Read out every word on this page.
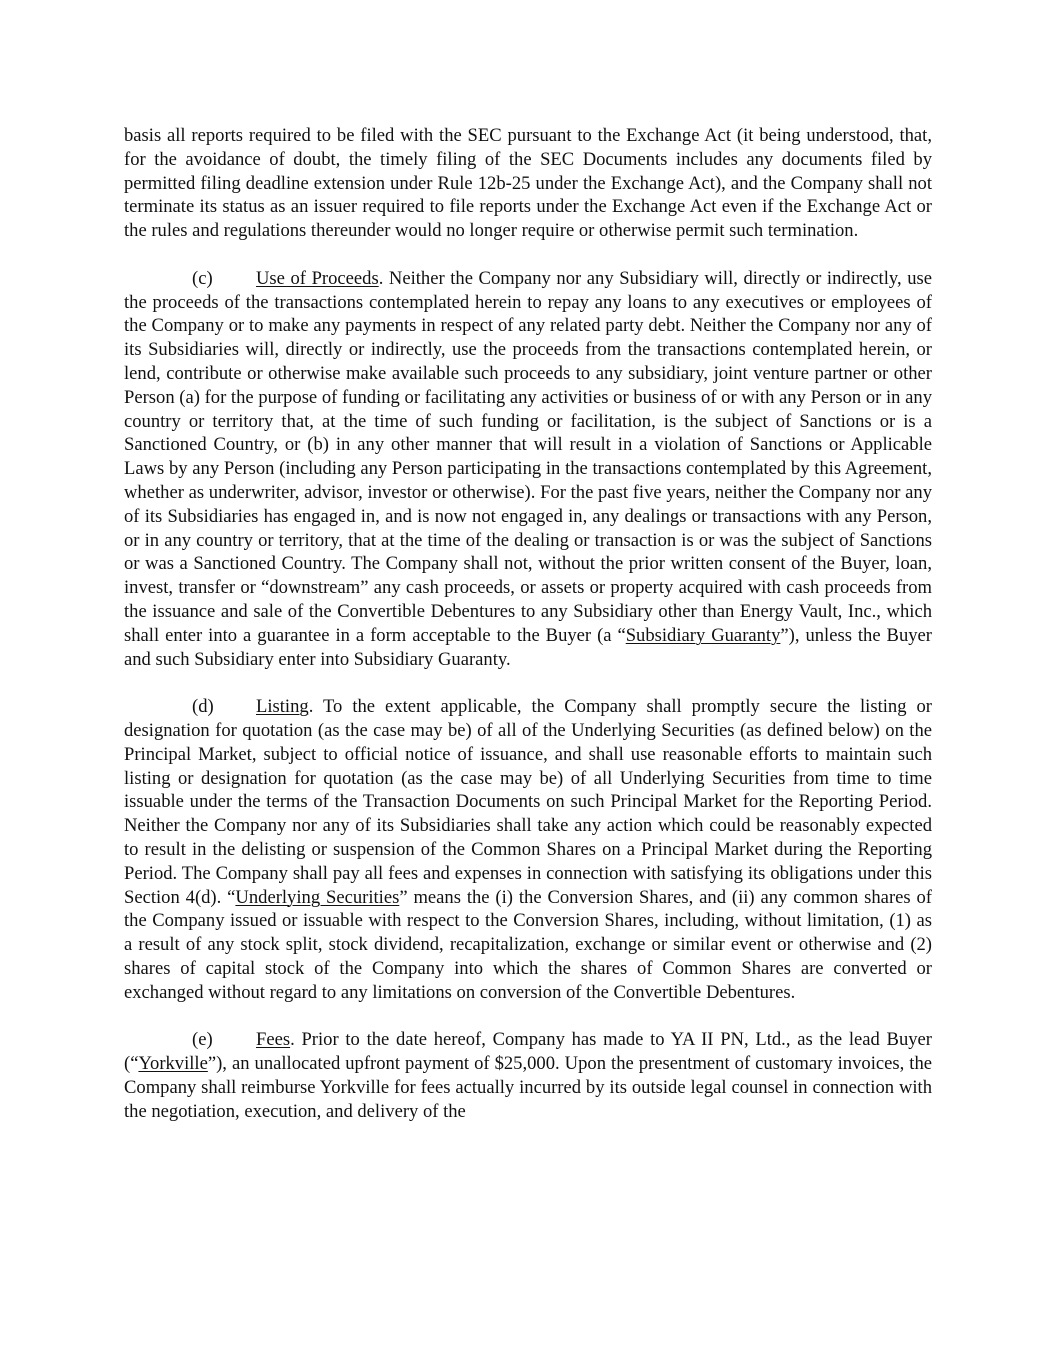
basis all reports required to be filed with the SEC pursuant to the Exchange Act (it being understood, that, for the avoidance of doubt, the timely filing of the SEC Documents includes any documents filed by permitted filing deadline extension under Rule 12b-25 under the Exchange Act), and the Company shall not terminate its status as an issuer required to file reports under the Exchange Act even if the Exchange Act or the rules and regulations thereunder would no longer require or otherwise permit such termination.

(c) Use of Proceeds. Neither the Company nor any Subsidiary will, directly or indirectly, use the proceeds of the transactions contemplated herein to repay any loans to any executives or employees of the Company or to make any payments in respect of any related party debt. Neither the Company nor any of its Subsidiaries will, directly or indirectly, use the proceeds from the transactions contemplated herein, or lend, contribute or otherwise make available such proceeds to any subsidiary, joint venture partner or other Person (a) for the purpose of funding or facilitating any activities or business of or with any Person or in any country or territory that, at the time of such funding or facilitation, is the subject of Sanctions or is a Sanctioned Country, or (b) in any other manner that will result in a violation of Sanctions or Applicable Laws by any Person (including any Person participating in the transactions contemplated by this Agreement, whether as underwriter, advisor, investor or otherwise). For the past five years, neither the Company nor any of its Subsidiaries has engaged in, and is now not engaged in, any dealings or transactions with any Person, or in any country or territory, that at the time of the dealing or transaction is or was the subject of Sanctions or was a Sanctioned Country. The Company shall not, without the prior written consent of the Buyer, loan, invest, transfer or “downstream” any cash proceeds, or assets or property acquired with cash proceeds from the issuance and sale of the Convertible Debentures to any Subsidiary other than Energy Vault, Inc., which shall enter into a guarantee in a form acceptable to the Buyer (a “Subsidiary Guaranty”), unless the Buyer and such Subsidiary enter into Subsidiary Guaranty.

(d) Listing. To the extent applicable, the Company shall promptly secure the listing or designation for quotation (as the case may be) of all of the Underlying Securities (as defined below) on the Principal Market, subject to official notice of issuance, and shall use reasonable efforts to maintain such listing or designation for quotation (as the case may be) of all Underlying Securities from time to time issuable under the terms of the Transaction Documents on such Principal Market for the Reporting Period. Neither the Company nor any of its Subsidiaries shall take any action which could be reasonably expected to result in the delisting or suspension of the Common Shares on a Principal Market during the Reporting Period. The Company shall pay all fees and expenses in connection with satisfying its obligations under this Section 4(d). “Underlying Securities” means the (i) the Conversion Shares, and (ii) any common shares of the Company issued or issuable with respect to the Conversion Shares, including, without limitation, (1) as a result of any stock split, stock dividend, recapitalization, exchange or similar event or otherwise and (2) shares of capital stock of the Company into which the shares of Common Shares are converted or exchanged without regard to any limitations on conversion of the Convertible Debentures.

(e) Fees. Prior to the date hereof, Company has made to YA II PN, Ltd., as the lead Buyer (“Yorkville”), an unallocated upfront payment of $25,000. Upon the presentment of customary invoices, the Company shall reimburse Yorkville for fees actually incurred by its outside legal counsel in connection with the negotiation, execution, and delivery of the
